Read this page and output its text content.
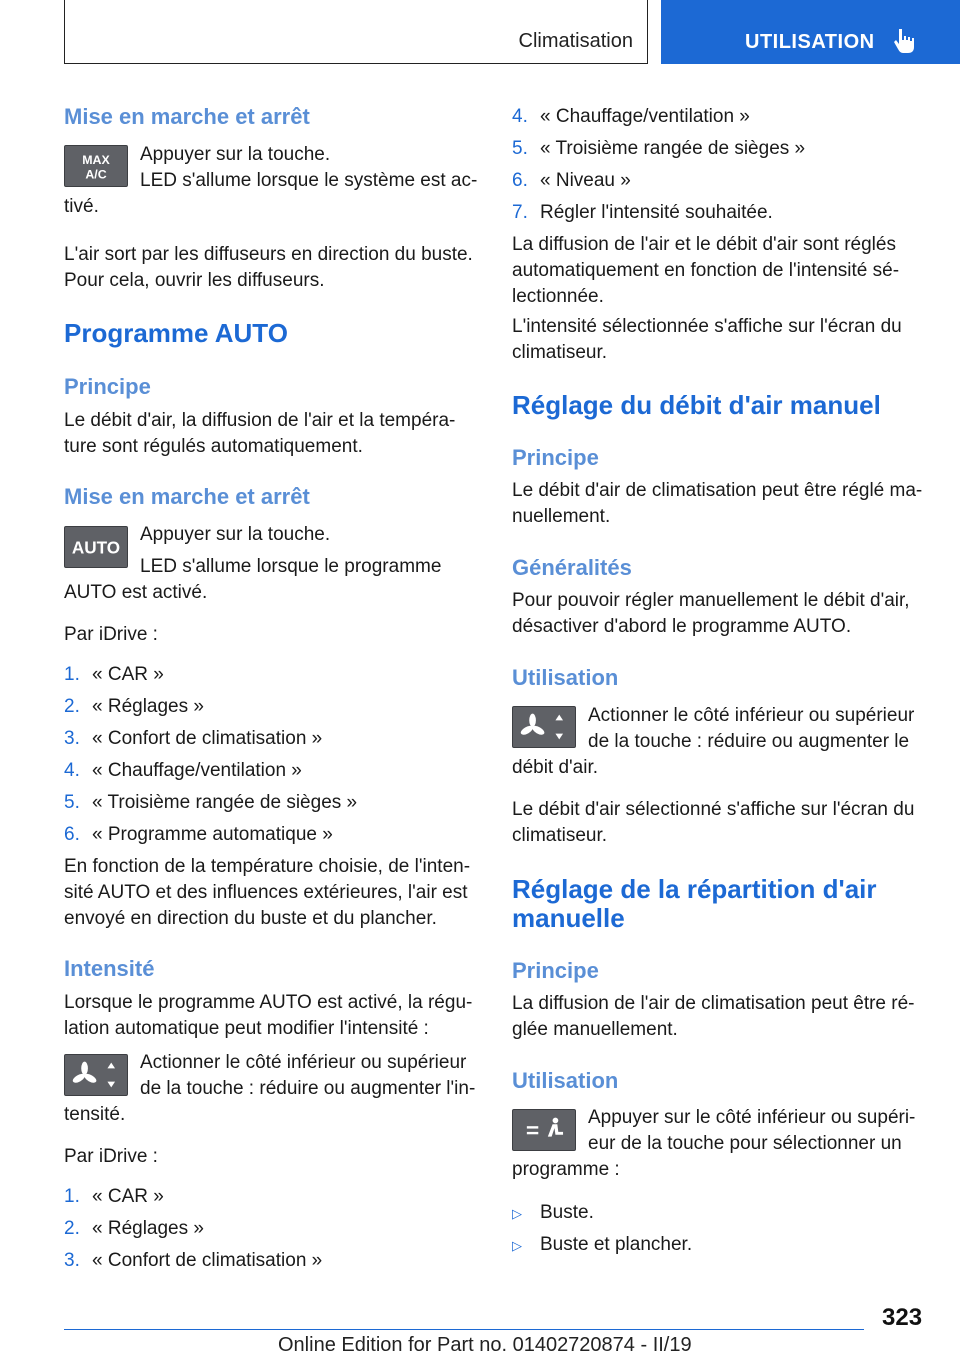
Climatisation	UTILISATION
Mise en marche et arrêt
MAX
A/C
Appuyer sur la touche.
LED s'allume lorsque le système est ac-
tivé.
L'air sort par les diffuseurs en direction du buste.
Pour cela, ouvrir les diffuseurs.
Programme AUTO
Principe
Le débit d'air, la diffusion de l'air et la tempéra-
ture sont régulés automatiquement.
Mise en marche et arrêt
AUTO
Appuyer sur la touche.
LED s'allume lorsque le programme
AUTO est activé.
Par iDrive :
1. « CAR »
2. « Réglages »
3. « Confort de climatisation »
4. « Chauffage/ventilation »
5. « Troisième rangée de sièges »
6. « Programme automatique »
En fonction de la température choisie, de l'inten-
sité AUTO et des influences extérieures, l'air est
envoyé en direction du buste et du plancher.
Intensité
Lorsque le programme AUTO est activé, la régu-
lation automatique peut modifier l'intensité :
Actionner le côté inférieur ou supérieur
de la touche : réduire ou augmenter l'in-
tensité.
Par iDrive :
1. « CAR »
2. « Réglages »
3. « Confort de climatisation »
4. « Chauffage/ventilation »
5. « Troisième rangée de sièges »
6. « Niveau »
7. Régler l'intensité souhaitée.
La diffusion de l'air et le débit d'air sont réglés
automatiquement en fonction de l'intensité sé-
lectionnée.
L'intensité sélectionnée s'affiche sur l'écran du
climatiseur.
Réglage du débit d'air manuel
Principe
Le débit d'air de climatisation peut être réglé ma-
nuellement.
Généralités
Pour pouvoir régler manuellement le débit d'air,
désactiver d'abord le programme AUTO.
Utilisation
Actionner le côté inférieur ou supérieur
de la touche : réduire ou augmenter le
débit d'air.
Le débit d'air sélectionné s'affiche sur l'écran du
climatiseur.
Réglage de la répartition d'air
manuelle
Principe
La diffusion de l'air de climatisation peut être ré-
glée manuellement.
Utilisation
Appuyer sur le côté inférieur ou supéri-
eur de la touche pour sélectionner un
programme :
▷ Buste.
▷ Buste et plancher.
323
Online Edition for Part no. 01402720874 - II/19
